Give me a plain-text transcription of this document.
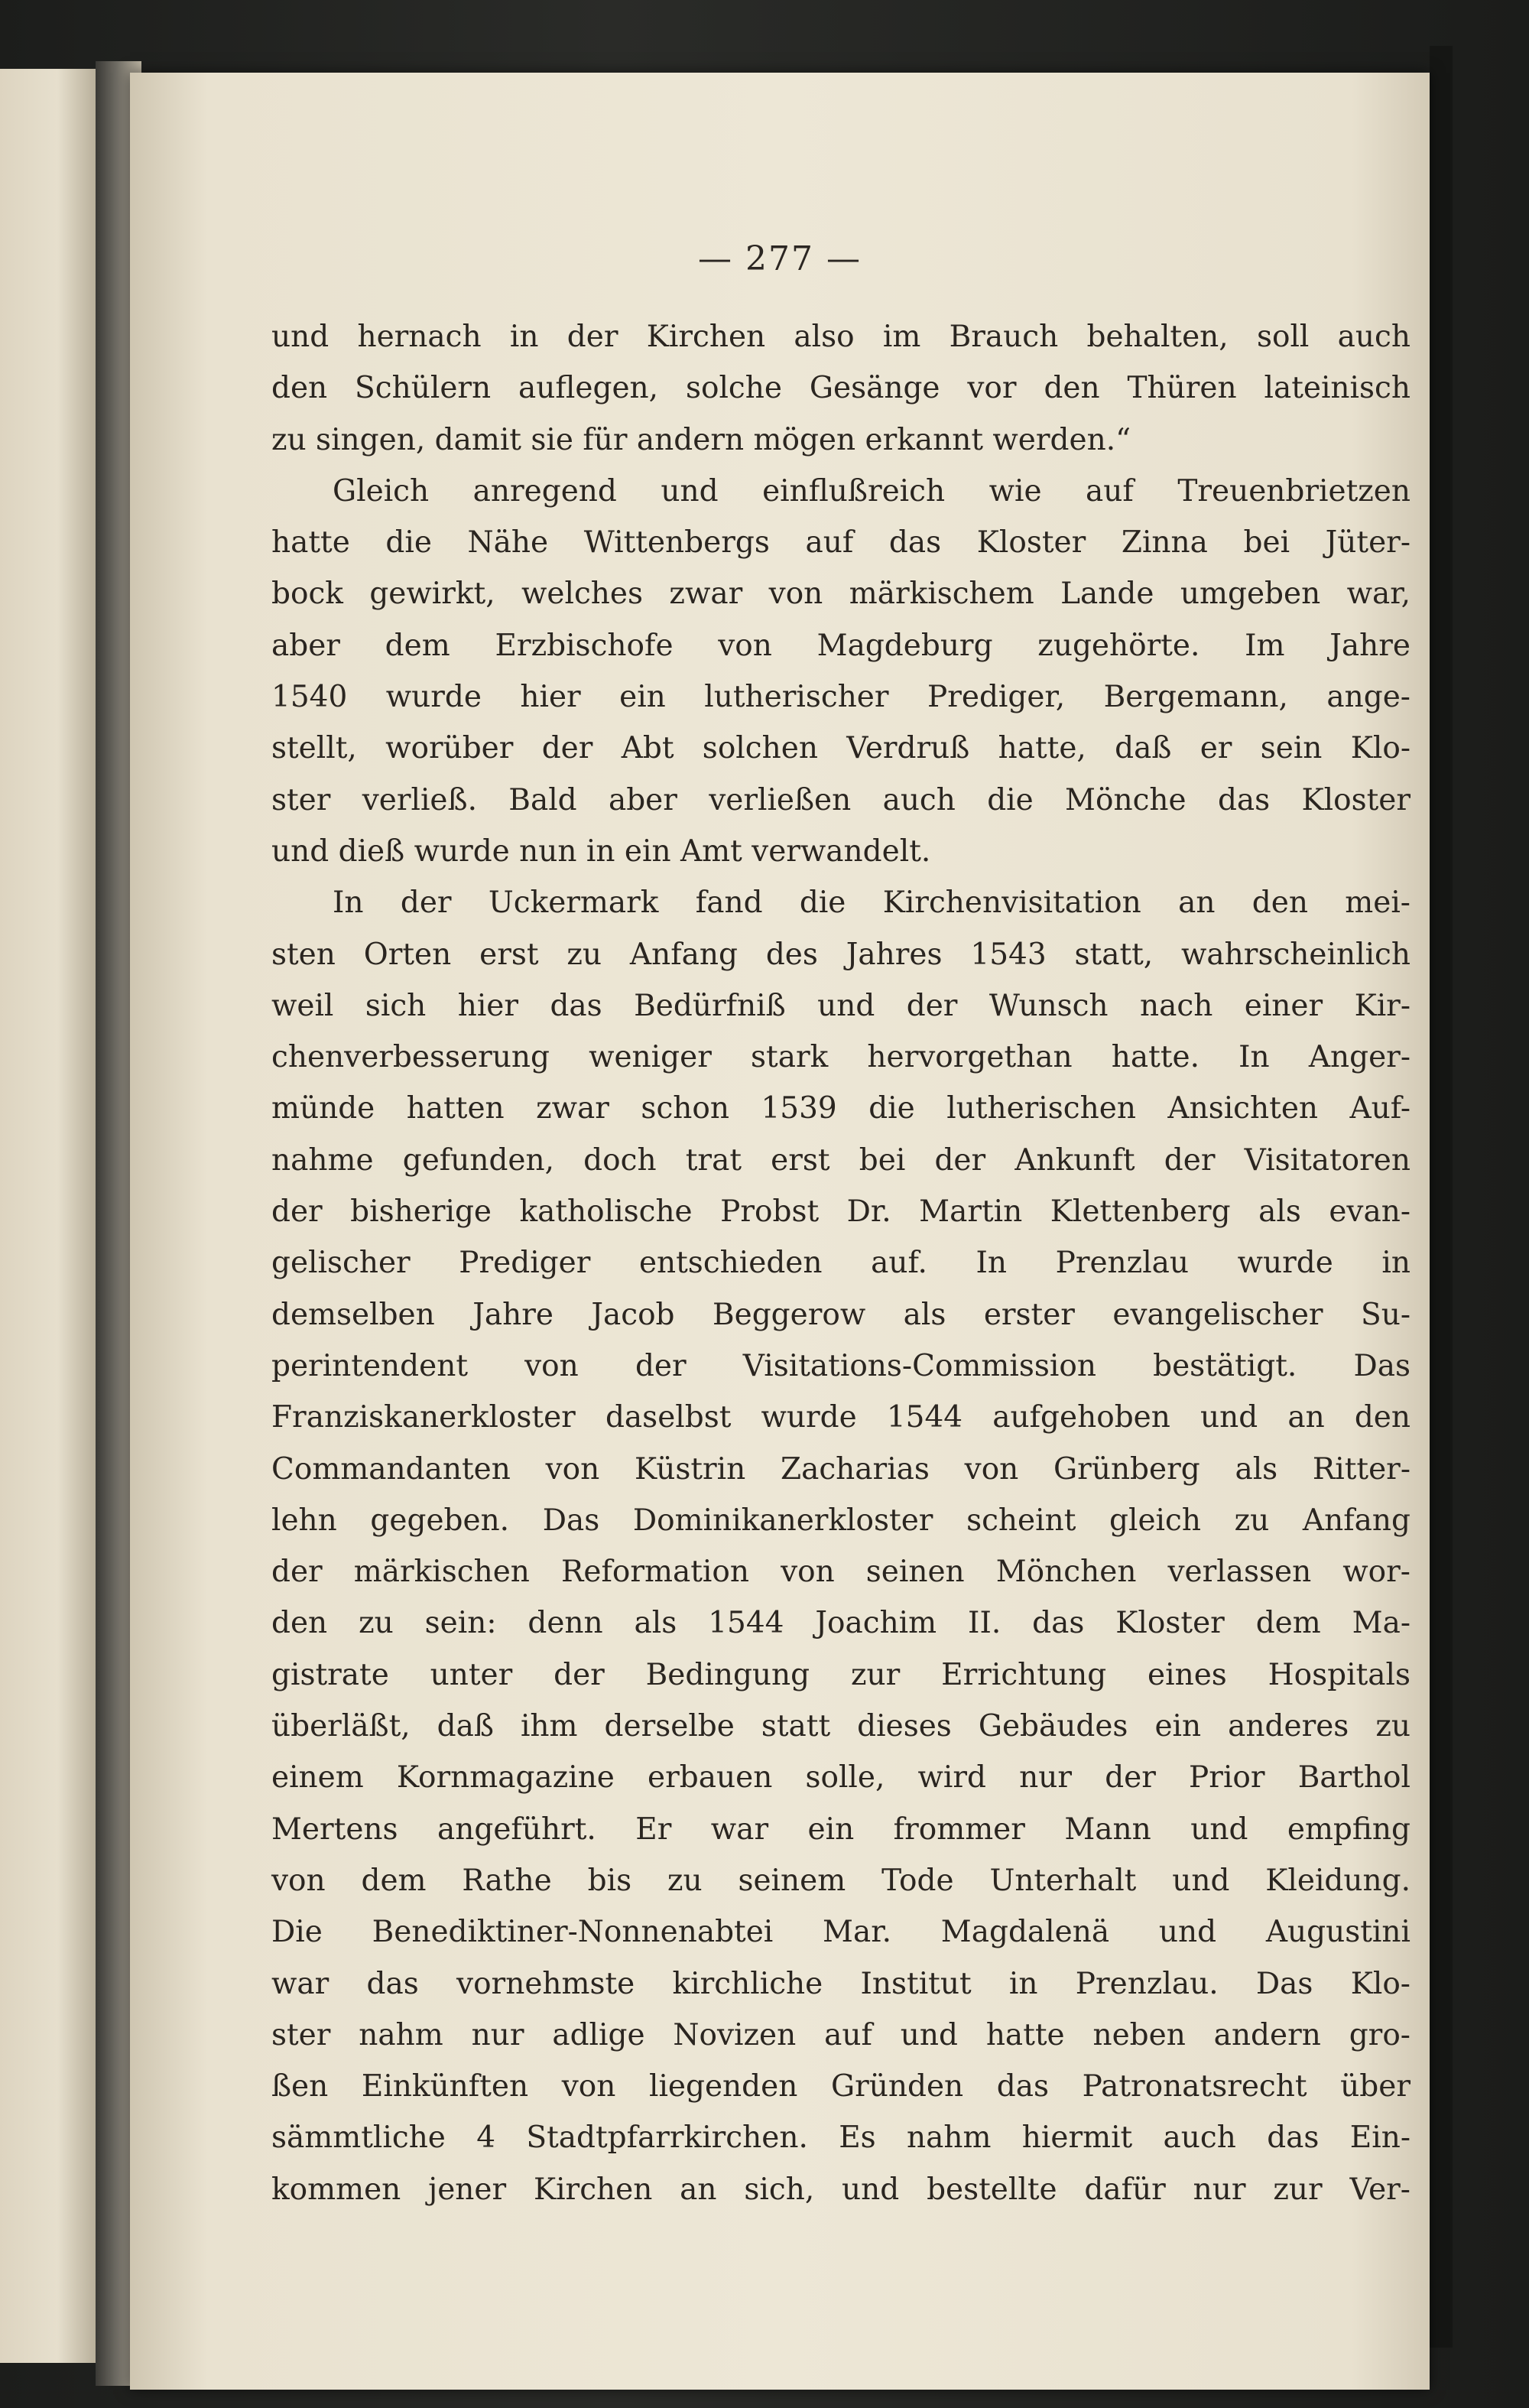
— 277 —
und hernach in der Kirchen also im Brauch behalten, soll auch
den Schülern auflegen, solche Gesänge vor den Thüren lateinisch
zu singen, damit sie für andern mögen erkannt werden.“
Gleich anregend und einflußreich wie auf Treuenbrietzen
hatte die Nähe Wittenbergs auf das Kloster Zinna bei Jüter-
bock gewirkt, welches zwar von märkischem Lande umgeben war,
aber dem Erzbischofe von Magdeburg zugehörte. Im Jahre
1540 wurde hier ein lutherischer Prediger, Bergemann, ange-
stellt, worüber der Abt solchen Verdruß hatte, daß er sein Klo-
ster verließ. Bald aber verließen auch die Mönche das Kloster
und dieß wurde nun in ein Amt verwandelt.
In der Uckermark fand die Kirchenvisitation an den mei-
sten Orten erst zu Anfang des Jahres 1543 statt, wahrscheinlich
weil sich hier das Bedürfniß und der Wunsch nach einer Kir-
chenverbesserung weniger stark hervorgethan hatte. In Anger-
münde hatten zwar schon 1539 die lutherischen Ansichten Auf-
nahme gefunden, doch trat erst bei der Ankunft der Visitatoren
der bisherige katholische Probst Dr. Martin Klettenberg als evan-
gelischer Prediger entschieden auf. In Prenzlau wurde in
demselben Jahre Jacob Beggerow als erster evangelischer Su-
perintendent von der Visitations-Commission bestätigt. Das
Franziskanerkloster daselbst wurde 1544 aufgehoben und an den
Commandanten von Küstrin Zacharias von Grünberg als Ritter-
lehn gegeben. Das Dominikanerkloster scheint gleich zu Anfang
der märkischen Reformation von seinen Mönchen verlassen wor-
den zu sein: denn als 1544 Joachim II. das Kloster dem Ma-
gistrate unter der Bedingung zur Errichtung eines Hospitals
überläßt, daß ihm derselbe statt dieses Gebäudes ein anderes zu
einem Kornmagazine erbauen solle, wird nur der Prior Barthol
Mertens angeführt. Er war ein frommer Mann und empfing
von dem Rathe bis zu seinem Tode Unterhalt und Kleidung.
Die Benediktiner-Nonnenabtei Mar. Magdalenä und Augustini
war das vornehmste kirchliche Institut in Prenzlau. Das Klo-
ster nahm nur adlige Novizen auf und hatte neben andern gro-
ßen Einkünften von liegenden Gründen das Patronatsrecht über
sämmtliche 4 Stadtpfarrkirchen. Es nahm hiermit auch das Ein-
kommen jener Kirchen an sich, und bestellte dafür nur zur Ver-
